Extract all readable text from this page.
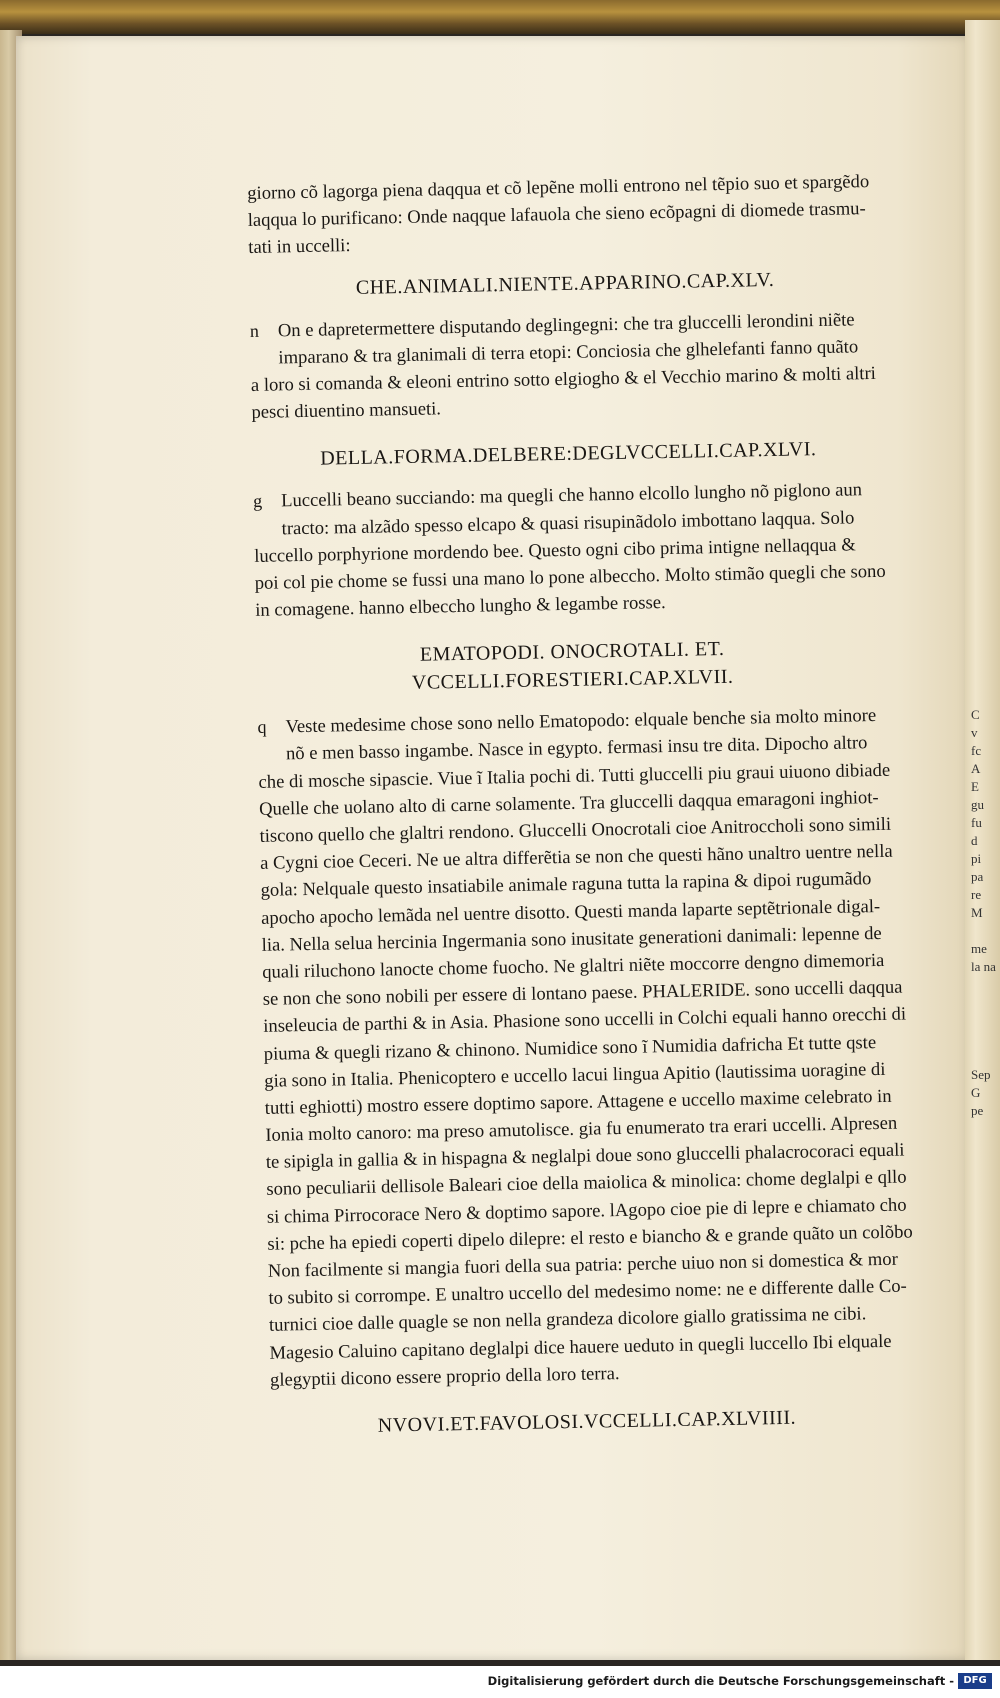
C
v
fc
A
E
gu
fu
d
pi
pa
re
M

me
la na

Sep
G
pe
giorno cõ lagorga piena daqqua et cõ lepẽne molli entrono nel tẽpio suo et spargẽdo
laqqua lo purificano: Onde naqque lafauola che sieno ecõpagni di diomede trasmu-
tati in uccelli:
CHE.ANIMALI.NIENTE.APPARINO.CAP.XLV.
n On e dapretermettere disputando deglingegni: che tra gluccelli lerondini niẽte
imparano & tra glanimali di terra etopi: Conciosia che glhelefanti fanno quãto
a loro si comanda & eleoni entrino sotto elgiogho & el Vecchio marino & molti altri
pesci diuentino mansueti.
DELLA.FORMA.DELBERE:DEGLVCCELLI.CAP.XLVI.
g Luccelli beano succiando: ma quegli che hanno elcollo lungho nõ piglono aun
tracto: ma alzãdo spesso elcapo & quasi risupinãdolo imbottano laqqua. Solo
luccello porphyrione mordendo bee. Questo ogni cibo prima intigne nellaqqua &
poi col pie chome se fussi una mano lo pone albeccho. Molto stimão quegli che sono
in comagene. hanno elbeccho lungho & legambe rosse.
EMATOPODI. ONOCROTALI. ET.
VCCELLI.FORESTIERI.CAP.XLVII.
q Veste medesime chose sono nello Ematopodo: elquale benche sia molto minore
nõ e men basso ingambe. Nasce in egypto. fermasi insu tre dita. Dipocho altro
che di mosche sipascie. Viue ĩ Italia pochi di. Tutti gluccelli piu graui uiuono dibiade
Quelle che uolano alto di carne solamente. Tra gluccelli daqqua emaragoni inghiot-
tiscono quello che glaltri rendono. Gluccelli Onocrotali cioe Anitroccholi sono simili
a Cygni cioe Ceceri. Ne ue altra differẽtia se non che questi hãno unaltro uentre nella
gola: Nelquale questo insatiabile animale raguna tutta la rapina & dipoi rugumãdo
apocho apocho lemãda nel uentre disotto. Questi manda laparte septẽtrionale digal-
lia. Nella selua hercinia Ingermania sono inusitate generationi danimali: lepenne de
quali riluchono lanocte chome fuocho. Ne glaltri niẽte moccorre dengno dimemoria
se non che sono nobili per essere di lontano paese. PHALERIDE. sono uccelli daqqua
inseleucia de parthi & in Asia. Phasione sono uccelli in Colchi equali hanno orecchi di
piuma & quegli rizano & chinono. Numidice sono ĩ Numidia dafricha Et tutte qste
gia sono in Italia. Phenicoptero e uccello lacui lingua Apitio (lautissima uoragine di
tutti eghiotti) mostro essere doptimo sapore. Attagene e uccello maxime celebrato in
Ionia molto canoro: ma preso amutolisce. gia fu enumerato tra erari uccelli. Alpresen
te sipigla in gallia & in hispagna & neglalpi doue sono gluccelli phalacrocoraci equali
sono peculiarii dellisole Baleari cioe della maiolica & minolica: chome deglalpi e qllo
si chima Pirrocorace Nero & doptimo sapore. lAgopo cioe pie di lepre e chiamato cho
si: pche ha epiedi coperti dipelo dilepre: el resto e biancho & e grande quãto un colõbo
Non facilmente si mangia fuori della sua patria: perche uiuo non si domestica & mor
to subito si corrompe. E unaltro uccello del medesimo nome: ne e differente dalle Co-
turnici cioe dalle quagle se non nella grandeza dicolore giallo gratissima ne cibi.
Magesio Caluino capitano deglalpi dice hauere ueduto in quegli luccello Ibi elquale
glegyptii dicono essere proprio della loro terra.
NVOVI.ET.FAVOLOSI.VCCELLI.CAP.XLVIIII.
Digitalisierung gefördert durch die Deutsche Forschungsgemeinschaft - DFG
